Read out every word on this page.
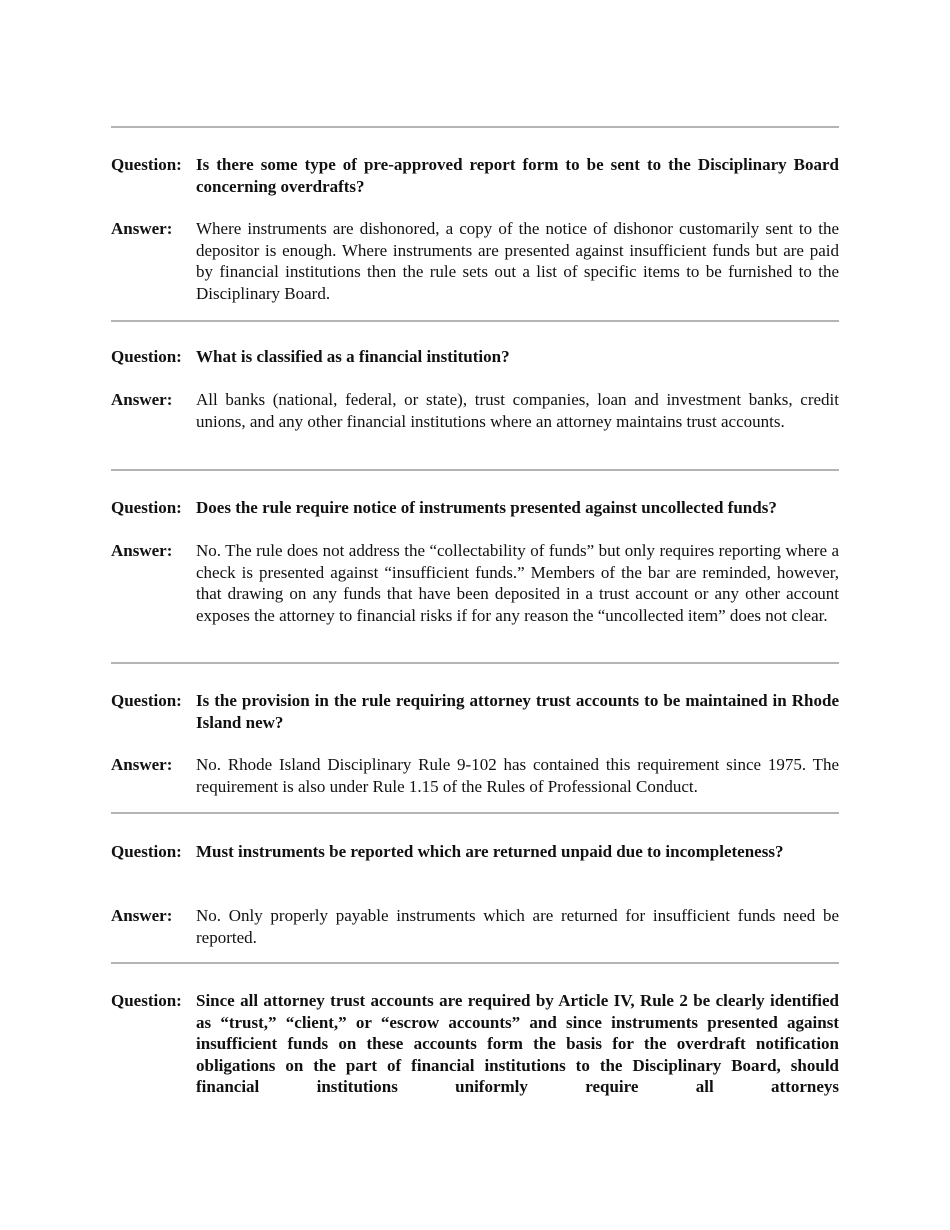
Question: Is there some type of pre-approved report form to be sent to the Disciplinary Board concerning overdrafts?
Answer:	Where instruments are dishonored, a copy of the notice of dishonor customarily sent to the depositor is enough. Where instruments are presented against insufficient funds but are paid by financial institutions then the rule sets out a list of specific items to be furnished to the Disciplinary Board.
Question: What is classified as a financial institution?
Answer:	All banks (national, federal, or state), trust companies, loan and investment banks, credit unions, and any other financial institutions where an attorney maintains trust accounts.
Question: Does the rule require notice of instruments presented against uncollected funds?
Answer:	No. The rule does not address the “collectability of funds” but only requires reporting where a check is presented against “insufficient funds.” Members of the bar are reminded, however, that drawing on any funds that have been deposited in a trust account or any other account exposes the attorney to financial risks if for any reason the “uncollected item” does not clear.
Question: Is the provision in the rule requiring attorney trust accounts to be maintained in Rhode Island new?
Answer:	No. Rhode Island Disciplinary Rule 9-102 has contained this requirement since 1975. The requirement is also under Rule 1.15 of the Rules of Professional Conduct.
Question: Must instruments be reported which are returned unpaid due to incompleteness?
Answer:	No. Only properly payable instruments which are returned for insufficient funds need be reported.
Question: Since all attorney trust accounts are required by Article IV, Rule 2 be clearly identified as “trust,” “client,” or “escrow accounts” and since instruments presented against insufficient funds on these accounts form the basis for the overdraft notification obligations on the part of financial institutions to the Disciplinary Board, should financial institutions uniformly require all attorneys
